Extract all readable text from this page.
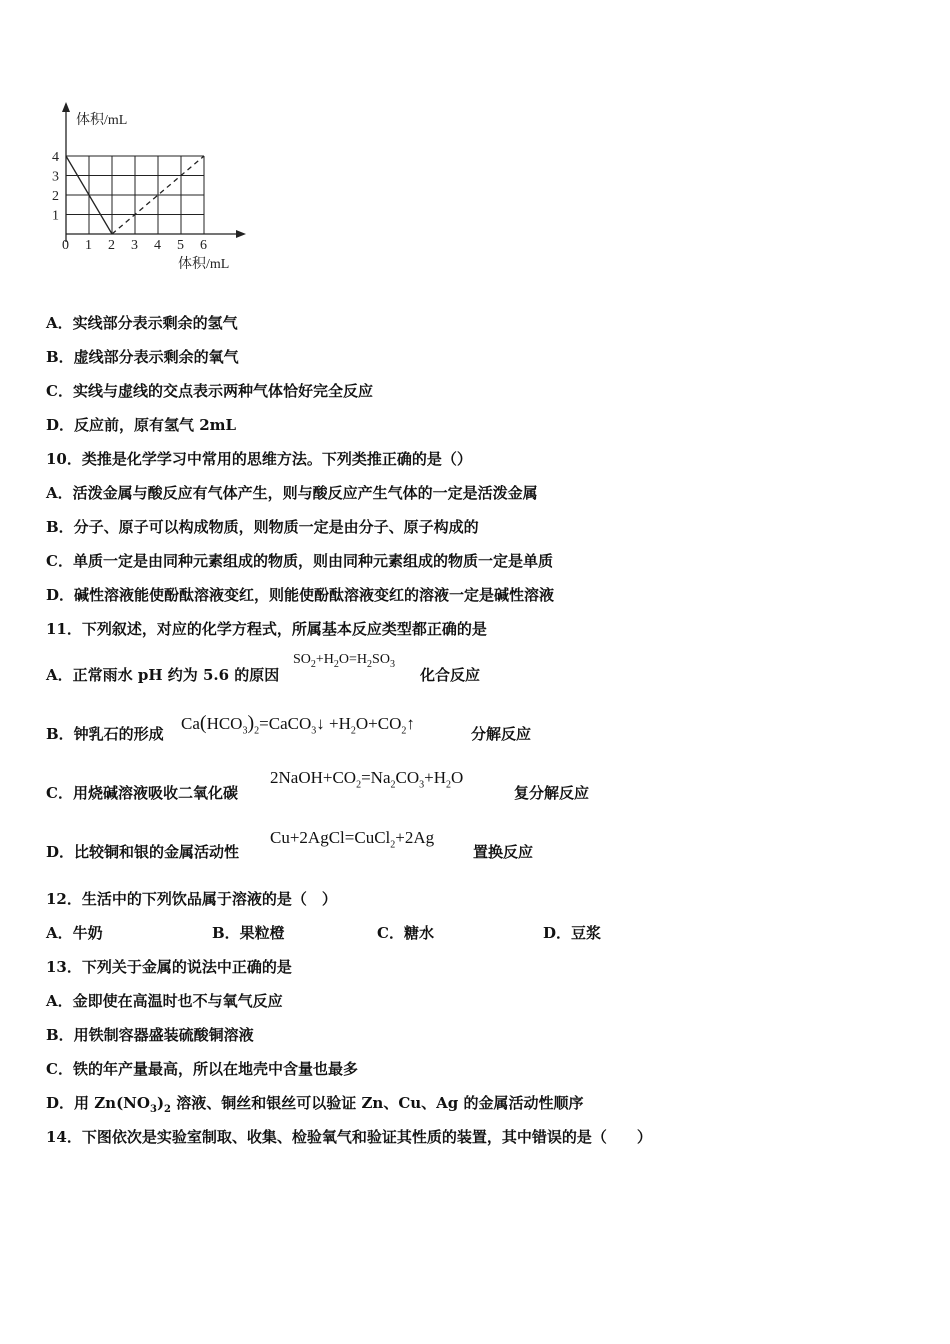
体积/mL
体积/mL
0 1 2 3 4 5 6
1
2
3
4
A．实线部分表示剩余的氢气
B．虚线部分表示剩余的氧气
C．实线与虚线的交点表示两种气体恰好完全反应
D．反应前，原有氢气 2mL
10．类推是化学学习中常用的思维方法。下列类推正确的是（）
A．活泼金属与酸反应有气体产生，则与酸反应产生气体的一定是活泼金属
B．分子、原子可以构成物质，则物质一定是由分子、原子构成的
C．单质一定是由同种元素组成的物质，则由同种元素组成的物质一定是单质
D．碱性溶液能使酚酞溶液变红，则能使酚酞溶液变红的溶液一定是碱性溶液
11．下列叙述，对应的化学方程式，所属基本反应类型都正确的是
A．正常雨水 pH 约为 5.6 的原因
$SO_2+H_2O=H_2SO_3$
化合反应
B．钟乳石的形成
$Ca(HCO_3)_2=CaCO_3↓$ $+H_2O+CO_2↑$
分解反应
C．用烧碱溶液吸收二氧化碳
$2NaOH+CO_2=Na_2CO_3+H_2O$
复分解反应
D．比较铜和银的金属活动性
Cu+2AgCl=CuCl$_2$+2Ag
置换反应
12．生活中的下列饮品属于溶液的是（　）
A．牛奶	B．果粒橙	C．糖水	D．豆浆
13．下列关于金属的说法中正确的是
A．金即使在高温时也不与氧气反应
B．用铁制容器盛装硫酸铜溶液
C．铁的年产量最高，所以在地壳中含量也最多
D．用 $Zn(NO_3)_2$ 溶液、铜丝和银丝可以验证 Zn、Cu、Ag 的金属活动性顺序
14．下图依次是实验室制取、收集、检验氧气和验证其性质的装置，其中错误的是（　　）
